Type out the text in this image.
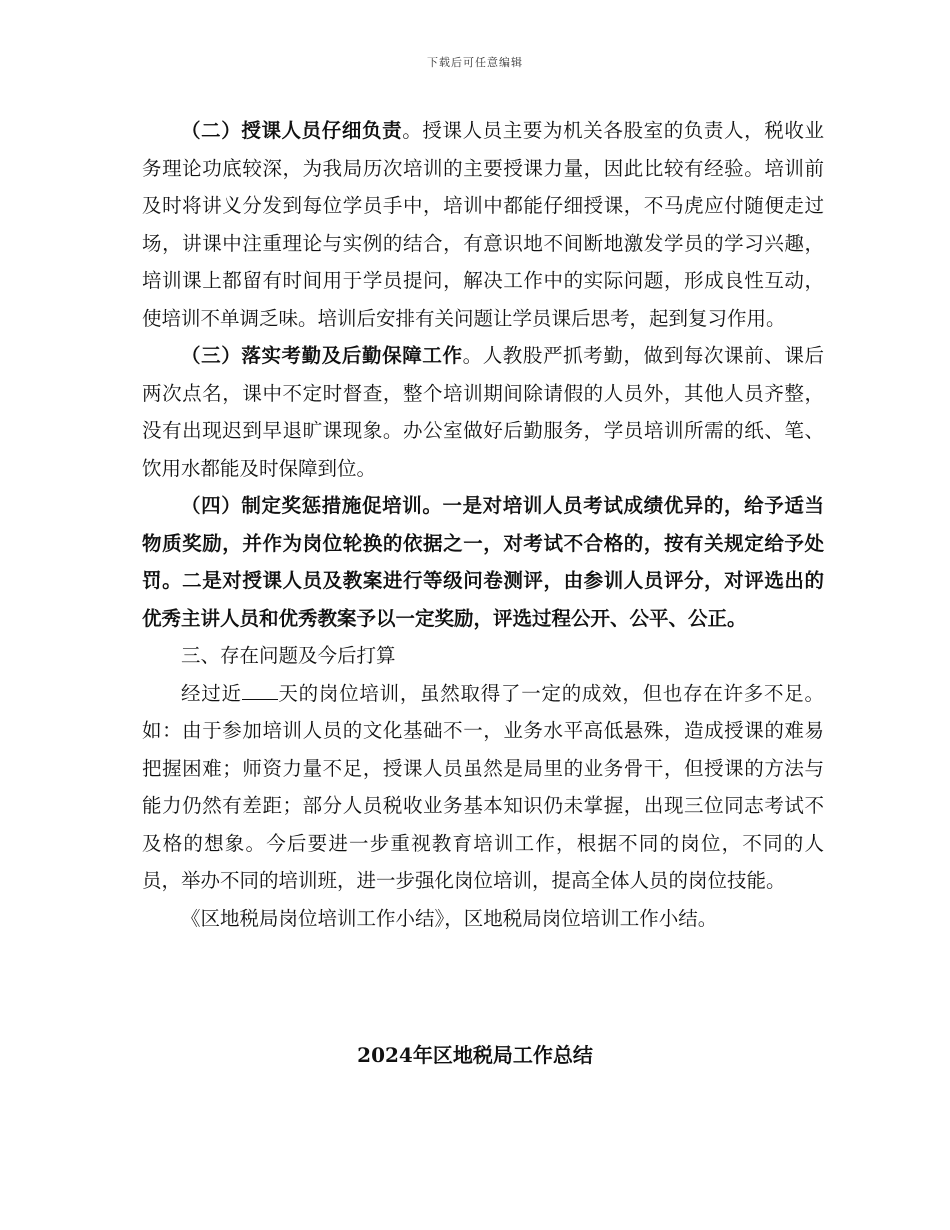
下载后可任意编辑

（二）授课人员仔细负责。授课人员主要为机关各股室的负责人，税收业务理论功底较深，为我局历次培训的主要授课力量，因此比较有经验。培训前及时将讲义分发到每位学员手中，培训中都能仔细授课，不马虎应付随便走过场，讲课中注重理论与实例的结合，有意识地不间断地激发学员的学习兴趣，培训课上都留有时间用于学员提问，解决工作中的实际问题，形成良性互动，使培训不单调乏味。培训后安排有关问题让学员课后思考，起到复习作用。

（三）落实考勤及后勤保障工作。人教股严抓考勤，做到每次课前、课后两次点名，课中不定时督查，整个培训期间除请假的人员外，其他人员齐整，没有出现迟到早退旷课现象。办公室做好后勤服务，学员培训所需的纸、笔、饮用水都能及时保障到位。

（四）制定奖惩措施促培训。一是对培训人员考试成绩优异的，给予适当物质奖励，并作为岗位轮换的依据之一，对考试不合格的，按有关规定给予处罚。二是对授课人员及教案进行等级问卷测评，由参训人员评分，对评选出的优秀主讲人员和优秀教案予以一定奖励，评选过程公开、公平、公正。

三、存在问题及今后打算

经过近 天的岗位培训，虽然取得了一定的成效，但也存在许多不足。如：由于参加培训人员的文化基础不一，业务水平高低悬殊，造成授课的难易把握困难；师资力量不足，授课人员虽然是局里的业务骨干，但授课的方法与能力仍然有差距；部分人员税收业务基本知识仍未掌握，出现三位同志考试不及格的想象。今后要进一步重视教育培训工作，根据不同的岗位，不同的人员，举办不同的培训班，进一步强化岗位培训，提高全体人员的岗位技能。

《区地税局岗位培训工作小结》，区地税局岗位培训工作小结。

2024年区地税局工作总结
